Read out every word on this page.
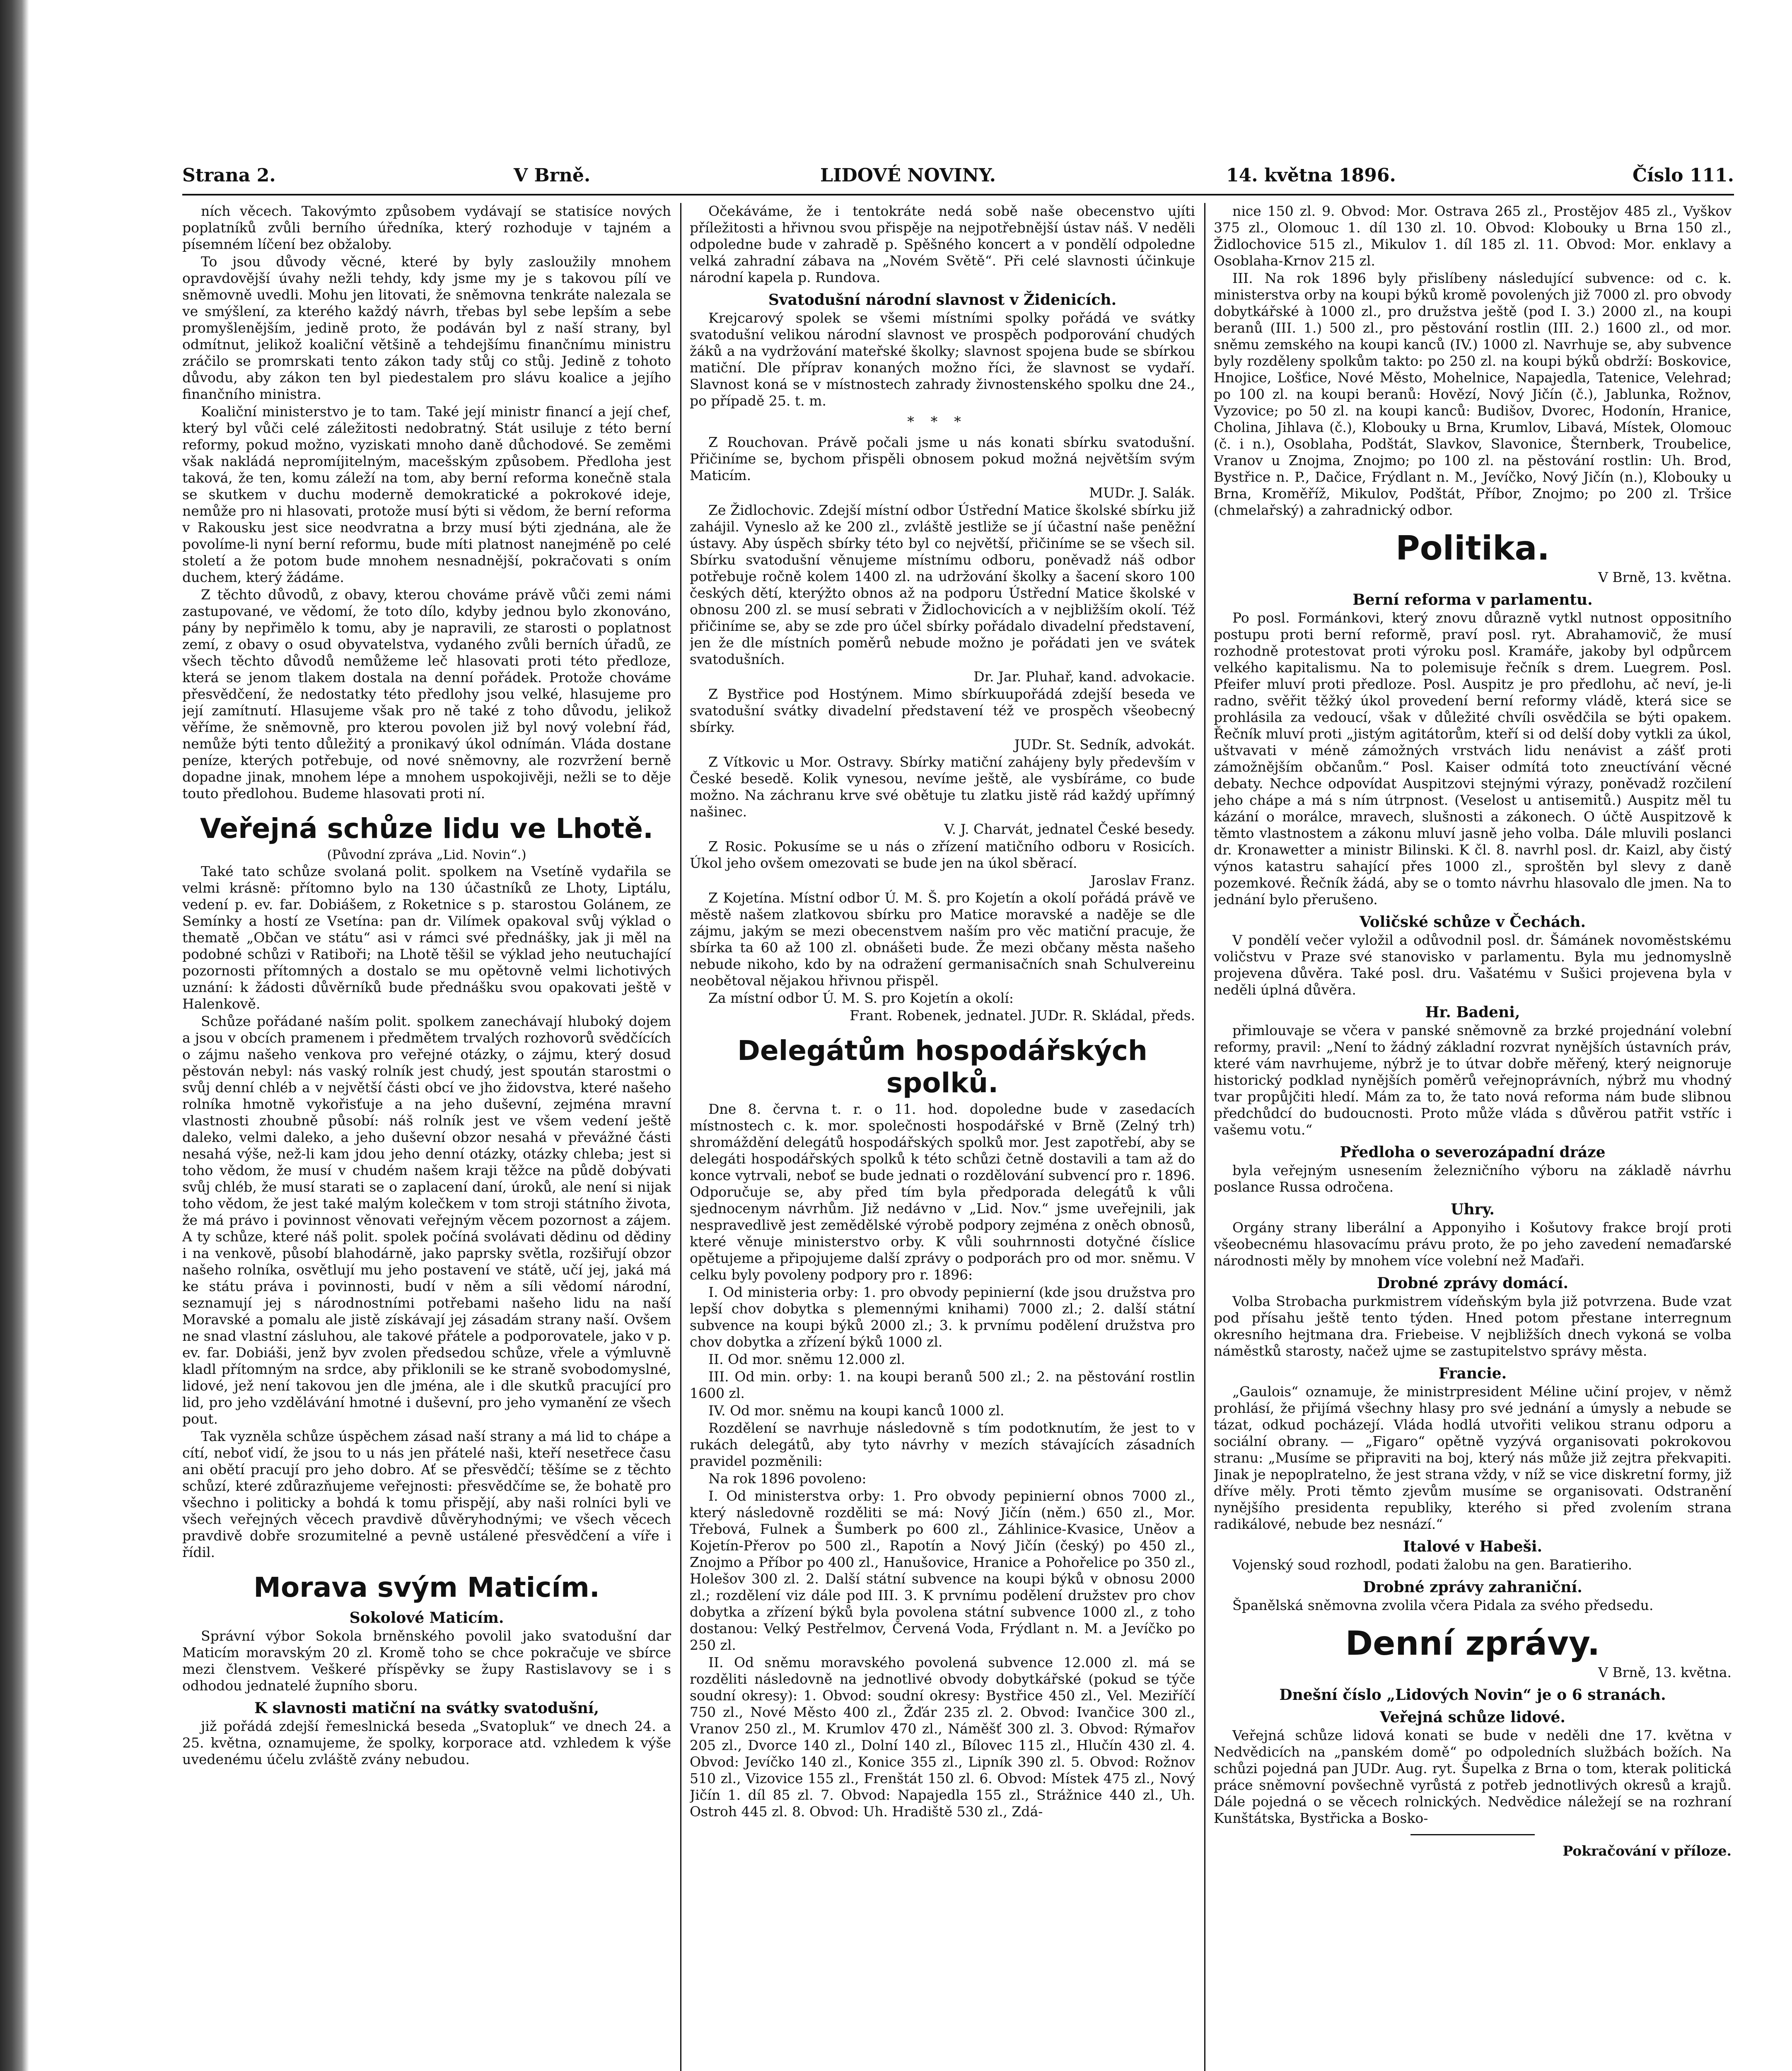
Strana 2.	V Brně.	LIDOVÉ NOVINY.	14. května 1896.	Číslo 111.

ních věcech. Takovýmto způsobem vydávají se statisíce nových poplatníků zvůli berního úředníka, který rozhoduje v tajném a písemném líčení bez obžaloby.

To jsou důvody věcné, které by byly zasloužily mnohem opravdovější úvahy nežli tehdy, kdy jsme my je s takovou pílí ve sněmovně uvedli. Mohu jen litovati, že sněmovna tenkráte nalezala se ve smýšlení, za kterého každý návrh, třebas byl sebe lepším a sebe promyšlenějším, jedině proto, že podáván byl z naší strany, byl odmítnut, jelikož koaliční většině a tehdejšímu finančnímu ministru zráčilo se promrskati tento zákon tady stůj co stůj. Jedině z tohoto důvodu, aby zákon ten byl piedestalem pro slávu koalice a jejího finančního ministra.

Koaliční ministerstvo je to tam. Také její ministr financí a její chef, který byl vůči celé záležitosti nedobratný. Stát usiluje z této berní reformy, pokud možno, vyziskati mnoho daně důchodové. Se zeměmi však nakládá nepromíjitelným, macešským způsobem. Předloha jest taková, že ten, komu záleží na tom, aby berní reforma konečně stala se skutkem v duchu moderně demokratické a pokrokové ideje, nemůže pro ni hlasovati, protože musí býti si vědom, že berní reforma v Rakousku jest sice neodvratna a brzy musí býti zjednána, ale že povolíme-li nyní berní reformu, bude míti platnost nanejméně po celé století a že potom bude mnohem nesnadnější, pokračovati s oním duchem, který žádáme.

Z těchto důvodů, z obavy, kterou chováme právě vůči zemi námi zastupované, ve vědomí, že toto dílo, kdyby jednou bylo zkonováno, pány by nepřimělo k tomu, aby je napravili, ze starosti o poplatnost zemí, z obavy o osud obyvatelstva, vydaného zvůli berních úřadů, ze všech těchto důvodů nemůžeme leč hlasovati proti této předloze, která se jenom tlakem dostala na denní pořádek. Protože chováme přesvědčení, že nedostatky této předlohy jsou velké, hlasujeme pro její zamítnutí. Hlasujeme však pro ně také z toho důvodu, jelikož věříme, že sněmovně, pro kterou povolen již byl nový volební řád, nemůže býti tento důležitý a pronikavý úkol odnímán. Vláda dostane peníze, kterých potřebuje, od nové sněmovny, ale rozvržení berně dopadne jinak, mnohem lépe a mnohem uspokojivěji, nežli se to děje touto předlohou. Budeme hlasovati proti ní.

Veřejná schůze lidu ve Lhotě.
(Původní zpráva „Lid. Novin“.)

Také tato schůze svolaná polit. spolkem na Vsetíně vydařila se velmi krásně: přítomno bylo na 130 účastníků ze Lhoty, Liptálu, vedení p. ev. far. Dobiášem, z Roketnice s p. starostou Golánem, ze Semínky a hostí ze Vsetína: pan dr. Vilímek opakoval svůj výklad o thematě „Občan ve státu“ asi v rámci své přednášky, jak ji měl na podobné schůzi v Ratiboři; na Lhotě těšil se výklad jeho neutuchající pozornosti přítomných a dostalo se mu opětovně velmi lichotivých uznání: k žádosti důvěrníků bude přednášku svou opakovati ještě v Halenkově.

Schůze pořádané naším polit. spolkem zanechávají hluboký dojem a jsou v obcích pramenem i předmětem trvalých rozhovorů svědčících o zájmu našeho venkova pro veřejné otázky, o zájmu, který dosud pěstován nebyl: nás vaský rolník jest chudý, jest spoután starostmi o svůj denní chléb a v největší části obcí ve jho židovstva, které našeho rolníka hmotně vykořisťuje a na jeho duševní, zejména mravní vlastnosti zhoubně působí: náš rolník jest ve všem vedení ještě daleko, velmi daleko, a jeho duševní obzor nesahá v převážné části nesahá výše, než-li kam jdou jeho denní otázky, otázky chleba; jest si toho vědom, že musí v chudém našem kraji těžce na půdě dobývati svůj chléb, že musí starati se o zaplacení daní, úroků, ale není si nijak toho vědom, že jest také malým kolečkem v tom stroji státního života, že má právo i povinnost věnovati veřejným věcem pozornost a zájem. A ty schůze, které náš polit. spolek počíná svolávati dědinu od dědiny i na venkově, působí blahodárně, jako paprsky světla, rozšiřují obzor našeho rolníka, osvětlují mu jeho postavení ve státě, učí jej, jaká má ke státu práva i povinnosti, budí v něm a síli vědomí národní, seznamují jej s národnostními potřebami našeho lidu na naší Moravské a pomalu ale jistě získávají jej zásadám strany naší. Ovšem ne snad vlastní zásluhou, ale takové přátele a podporovatele, jako v p. ev. far. Dobiáši, jenž byv zvolen předsedou schůze, vřele a výmluvně kladl přítomným na srdce, aby přiklonili se ke straně svobodomyslné, lidové, jež není takovou jen dle jména, ale i dle skutků pracující pro lid, pro jeho vzdělávání hmotné i duševní, pro jeho vymanění ze všech pout.

Tak vyzněla schůze úspěchem zásad naší strany a má lid to chápe a cítí, neboť vidí, že jsou to u nás jen přátelé naši, kteří nesetřece času ani obětí pracují pro jeho dobro. Ať se přesvědčí; těšíme se z těchto schůzí, které zdůrazňujeme veřejnosti: přesvědčíme se, že bohatě pro všechno i politicky a bohdá k tomu přispějí, aby naši rolníci byli ve všech veřejných věcech pravdivě důvěryhodnými; ve všech věcech pravdivě dobře srozumitelné a pevně ustálené přesvědčení a víře i řídil.

Morava svým Maticím.
Sokolové Maticím.

Správní výbor Sokola brněnského povolil jako svatodušní dar Maticím moravským 20 zl. Kromě toho se chce pokračuje ve sbírce mezi členstvem. Veškeré příspěvky se župy Rastislavovy se i s odhodou jednatelé župního sboru.

K slavnosti matiční na svátky svatodušní,

již pořádá zdejší řemeslnická beseda „Svatopluk“ ve dnech 24. a 25. května, oznamujeme, že spolky, korporace atd. vzhledem k výše uvedenému účelu zvláště zvány nebudou.

Očekáváme, že i tentokráte nedá sobě naše obecenstvo ujíti příležitosti a hřivnou svou přispěje na nejpotřebnější ústav náš. V neděli odpoledne bude v zahradě p. Spěšného koncert a v pondělí odpoledne velká zahradní zábava na „Novém Světě“. Při celé slavnosti účinkuje národní kapela p. Rundova.

Svatodušní národní slavnost v Židenicích.

Krejcarový spolek se všemi místními spolky pořádá ve svátky svatodušní velikou národní slavnost ve prospěch podporování chudých žáků a na vydržování mateřské školky; slavnost spojena bude se sbírkou matiční. Dle příprav konaných možno říci, že slavnost se vydaří. Slavnost koná se v místnostech zahrady živnostenského spolku dne 24., po případě 25. t. m.

***

Z Rouchovan. Právě počali jsme u nás konati sbírku svatodušní. Přičiníme se, bychom přispěli obnosem pokud možná největším svým Maticím.

MUDr. J. Salák.

Ze Židlochovic. Zdejší místní odbor Ústřední Matice školské sbírku již zahájil. Vyneslo až ke 200 zl., zvláště jestliže se jí účastní naše peněžní ústavy. Aby úspěch sbírky této byl co největší, přičiníme se se všech sil. Sbírku svatodušní věnujeme místnímu odboru, poněvadž náš odbor potřebuje ročně kolem 1400 zl. na udržování školky a šacení skoro 100 českých dětí, kterýžto obnos až na podporu Ústřední Matice školské v obnosu 200 zl. se musí sebrati v Židlochovicích a v nejbližším okolí. Též přičiníme se, aby se zde pro účel sbírky pořádalo divadelní představení, jen že dle místních poměrů nebude možno je pořádati jen ve svátek svatodušních.

Dr. Jar. Pluhař, kand. advokacie.

Z Bystřice pod Hostýnem. Mimo sbírkuupořádá zdejší beseda ve svatodušní svátky divadelní představení též ve prospěch všeobecný sbírky.

JUDr. St. Sedník, advokát.

Z Vítkovic u Mor. Ostravy. Sbírky matiční zahájeny byly především v České besedě. Kolik vynesou, nevíme ještě, ale vysbíráme, co bude možno. Na záchranu krve své obětuje tu zlatku jistě rád každý upřímný našinec.

V. J. Charvát, jednatel České besedy.

Z Rosic. Pokusíme se u nás o zřízení matičního odboru v Rosicích. Úkol jeho ovšem omezovati se bude jen na úkol sběrací.

Jaroslav Franz.

Z Kojetína. Místní odbor Ú. M. Š. pro Kojetín a okolí pořádá právě ve městě našem zlatkovou sbírku pro Matice moravské a naděje se dle zájmu, jakým se mezi obecenstvem naším pro věc matiční pracuje, že sbírka ta 60 až 100 zl. obnášeti bude. Že mezi občany města našeho nebude nikoho, kdo by na odražení germanisačních snah Schulvereinu neobětoval nějakou hřivnou přispěl.

Za místní odbor Ú. M. S. pro Kojetín a okolí:

Frant. Robenek, jednatel. JUDr. R. Skládal, předs.

Delegátům hospodářských spolků.

Dne 8. června t. r. o 11. hod. dopoledne bude v zasedacích místnostech c. k. mor. společnosti hospodářské v Brně (Zelný trh) shromáždění delegátů hospodářských spolků mor. Jest zapotřebí, aby se delegáti hospodářských spolků k této schůzi četně dostavili a tam až do konce vytrvali, neboť se bude jednati o rozdělování subvencí pro r. 1896. Odporučuje se, aby před tím byla předporada delegátů k vůli sjednocenym návrhům. Již nedávno v „Lid. Nov.“ jsme uveřejnili, jak nespravedlivě jest zemědělské výrobě podpory zejména z oněch obnosů, které věnuje ministerstvo orby. K vůli souhrnnosti dotyčné číslice opětujeme a připojujeme další zprávy o podporách pro od mor. sněmu. V celku byly povoleny podpory pro r. 1896:

I. Od ministeria orby: 1. pro obvody pepinierní (kde jsou družstva pro lepší chov dobytka s plemennými knihami) 7000 zl.; 2. další státní subvence na koupi býků 2000 zl.; 3. k prvnímu podělení družstva pro chov dobytka a zřízení býků 1000 zl.

II. Od mor. sněmu 12.000 zl.

III. Od min. orby: 1. na koupi beranů 500 zl.; 2. na pěstování rostlin 1600 zl.

IV. Od mor. sněmu na koupi kanců 1000 zl.

Rozdělení se navrhuje následovně s tím podotknutím, že jest to v rukách delegátů, aby tyto návrhy v mezích stávajících zásadních pravidel pozměnili:

Na rok 1896 povoleno:

I. Od ministerstva orby: 1. Pro obvody pepinierní obnos 7000 zl., který následovně rozděliti se má: Nový Jičín (něm.) 650 zl., Mor. Třebová, Fulnek a Šumberk po 600 zl., Záhlinice-Kvasice, Uněov a Kojetín-Přerov po 500 zl., Rapotín a Nový Jičín (český) po 450 zl., Znojmo a Příbor po 400 zl., Hanušovice, Hranice a Pohořelice po 350 zl., Holešov 300 zl. 2. Další státní subvence na koupi býků v obnosu 2000 zl.; rozdělení viz dále pod III. 3. K prvnímu podělení družstev pro chov dobytka a zřízení býků byla povolena státní subvence 1000 zl., z toho dostanou: Velký Pestřelmov, Červená Voda, Frýdlant n. M. a Jevíčko po 250 zl.

II. Od sněmu moravského povolená subvence 12.000 zl. má se rozděliti následovně na jednotlivé obvody dobytkářské (pokud se týče soudní okresy): 1. Obvod: soudní okresy: Bystřice 450 zl., Vel. Meziříčí 750 zl., Nové Město 400 zl., Žďár 235 zl. 2. Obvod: Ivančice 300 zl., Vranov 250 zl., M. Krumlov 470 zl., Náměšť 300 zl. 3. Obvod: Rýmařov 205 zl., Dvorce 140 zl., Dolní 140 zl., Bílovec 115 zl., Hlučín 430 zl. 4. Obvod: Jevíčko 140 zl., Konice 355 zl., Lipník 390 zl. 5. Obvod: Rožnov 510 zl., Vizovice 155 zl., Frenštát 150 zl. 6. Obvod: Místek 475 zl., Nový Jičín 1. díl 85 zl. 7. Obvod: Napajedla 155 zl., Strážnice 440 zl., Uh. Ostroh 445 zl. 8. Obvod: Uh. Hradiště 530 zl., Zdá-

nice 150 zl. 9. Obvod: Mor. Ostrava 265 zl., Prostějov 485 zl., Vyškov 375 zl., Olomouc 1. díl 130 zl. 10. Obvod: Klobouky u Brna 150 zl., Židlochovice 515 zl., Mikulov 1. díl 185 zl. 11. Obvod: Mor. enklavy a Osoblaha-Krnov 215 zl.

III. Na rok 1896 byly přislíbeny následující subvence: od c. k. ministerstva orby na koupi býků kromě povolených již 7000 zl. pro obvody dobytkářské à 1000 zl., pro družstva ještě (pod I. 3.) 2000 zl., na koupi beranů (III. 1.) 500 zl., pro pěstování rostlin (III. 2.) 1600 zl., od mor. sněmu zemského na koupi kanců (IV.) 1000 zl. Navrhuje se, aby subvence byly rozděleny spolkům takto: po 250 zl. na koupi býků obdrží: Boskovice, Hnojice, Lošťice, Nové Město, Mohelnice, Napajedla, Tatenice, Velehrad; po 100 zl. na koupi beranů: Hovězí, Nový Jičín (č.), Jablunka, Rožnov, Vyzovice; po 50 zl. na koupi kanců: Budišov, Dvorec, Hodonín, Hranice, Cholina, Jihlava (č.), Klobouky u Brna, Krumlov, Libavá, Místek, Olomouc (č. i n.), Osoblaha, Podštát, Slavkov, Slavonice, Šternberk, Troubelice, Vranov u Znojma, Znojmo; po 100 zl. na pěstování rostlin: Uh. Brod, Bystřice n. P., Dačice, Frýdlant n. M., Jevíčko, Nový Jičín (n.), Klobouky u Brna, Kroměříž, Mikulov, Podštát, Příbor, Znojmo; po 200 zl. Tršice (chmelařský) a zahradnický odbor.

Politika.

V Brně, 13. května.

Berní reforma v parlamentu.

Po posl. Formánkovi, který znovu důrazně vytkl nutnost oppositního postupu proti berní reformě, praví posl. ryt. Abrahamovič, že musí rozhodně protestovat proti výroku posl. Kramáře, jakoby byl odpůrcem velkého kapitalismu. Na to polemisuje řečník s drem. Luegrem. Posl. Pfeifer mluví proti předloze. Posl. Auspitz je pro předlohu, ač neví, je-li radno, svěřit těžký úkol provedení berní reformy vládě, která sice se prohlásila za vedoucí, však v důležité chvíli osvědčila se býti opakem. Řečník mluví proti „jistým agitátorům, kteří si od delší doby vytkli za úkol, uštvavati v méně zámožných vrstvách lidu nenávist a zášť proti zámožnějším občanům.“ Posl. Kaiser odmítá toto zneuctívání věcné debaty. Nechce odpovídat Auspitzovi stejnými výrazy, poněvadž rozčilení jeho chápe a má s ním útrpnost. (Veselost u antisemitů.) Auspitz měl tu kázání o morálce, mravech, slušnosti a zákonech. O účtě Auspitzově k těmto vlastnostem a zákonu mluví jasně jeho volba. Dále mluvili poslanci dr. Kronawetter a ministr Bilinski. K čl. 8. navrhl posl. dr. Kaizl, aby čistý výnos katastru sahající přes 1000 zl., sproštěn byl slevy z daně pozemkové. Řečník žádá, aby se o tomto návrhu hlasovalo dle jmen. Na to jednání bylo přerušeno.

Voličské schůze v Čechách.

V pondělí večer vyložil a odůvodnil posl. dr. Šámánek novoměstskému voličstvu v Praze své stanovisko v parlamentu. Byla mu jednomyslně projevena důvěra. Také posl. dru. Vašatému v Sušici projevena byla v neděli úplná důvěra.

Hr. Badeni,

přimlouvaje se včera v panské sněmovně za brzké projednání volební reformy, pravil: „Není to žádný základní rozvrat nynějších ústavních práv, které vám navrhujeme, nýbrž je to útvar dobře měřený, který neignoruje historický podklad nynějších poměrů veřejnoprávních, nýbrž mu vhodný tvar propůjčiti hledí. Mám za to, že tato nová reforma nám bude slibnou předchůdcí do budoucnosti. Proto může vláda s důvěrou patřit vstříc i vašemu votu.“

Předloha o severozápadní dráze

byla veřejným usnesením železničního výboru na základě návrhu poslance Russa odročena.

Uhry.

Orgány strany liberální a Apponyiho i Košutovy frakce brojí proti všeobecnému hlasovacímu právu proto, že po jeho zavedení nemaďarské národnosti měly by mnohem více volební než Maďaři.

Drobné zprávy domácí.

Volba Strobacha purkmistrem vídeňským byla již potvrzena. Bude vzat pod přísahu ještě tento týden. Hned potom přestane interregnum okresního hejtmana dra. Friebeise. V nejbližších dnech vykoná se volba náměstků starosty, načež ujme se zastupitelstvo správy města.

Francie.

„Gaulois“ oznamuje, že ministrpresident Méline učiní projev, v němž prohlásí, že přijímá všechny hlasy pro své jednání a úmysly a nebude se tázat, odkud pocházejí. Vláda hodlá utvořiti velikou stranu odporu a sociální obrany. — „Figaro“ opětně vyzývá organisovati pokrokovou stranu: „Musíme se připraviti na boj, který nás může již zejtra překvapiti. Jinak je nepoplratelno, že jest strana vždy, v níž se vice diskretní formy, již dříve měly. Proti těmto zjevům musíme se organisovati. Odstranění nynějšího presidenta republiky, kterého si před zvolením strana radikálové, nebude bez nesnází.“

Italové v Habeši.

Vojenský soud rozhodl, podati žalobu na gen. Baratieriho.

Drobné zprávy zahraniční.

Španělská sněmovna zvolila včera Pidala za svého předsedu.

Denní zprávy.

V Brně, 13. května.

Dnešní číslo „Lidových Novin“ je o 6 stranách.
Veřejná schůze lidové.

Veřejná schůze lidová konati se bude v neděli dne 17. května v Nedvědicích na „panském domě“ po odpoledních službách božích. Na schůzi pojedná pan JUDr. Aug. ryt. Šupelka z Brna o tom, kterak politická práce sněmovní povšechně vyrůstá z potřeb jednotlivých okresů a krajů. Dále pojedná o se věcech rolnických. Nedvědice náležejí se na rozhraní Kunštátska, Bystřicka a Bosko-

Pokračování v příloze.
